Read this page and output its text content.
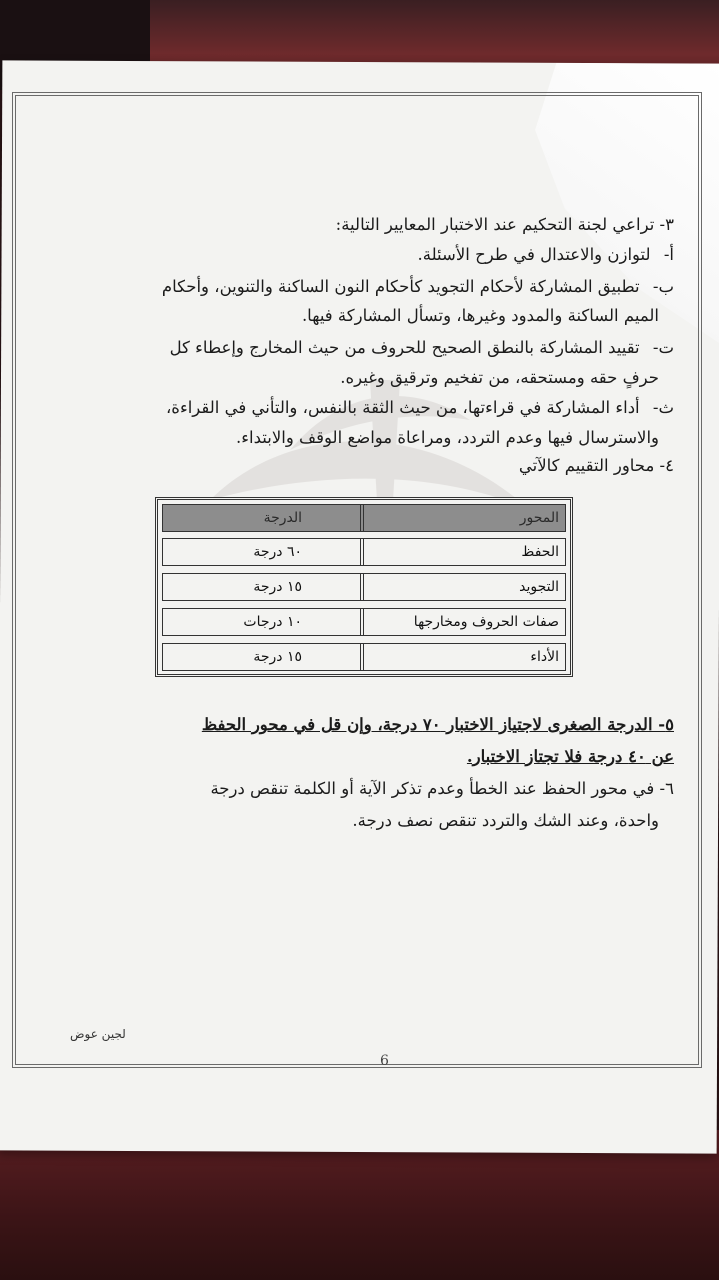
٣- تراعي لجنة التحكيم عند الاختبار المعايير التالية:
أ- لتوازن والاعتدال في طرح الأسئلة.
ب- تطبيق المشاركة لأحكام التجويد كأحكام النون الساكنة والتنوين، وأحكام
الميم الساكنة والمدود وغيرها، وتسأل المشاركة فيها.
ت- تقييد المشاركة بالنطق الصحيح للحروف من حيث المخارج وإعطاء كل
حرفٍ حقه ومستحقه، من تفخيم وترقيق وغيره.
ث- أداء المشاركة في قراءتها، من حيث الثقة بالنفس، والتأني في القراءة،
والاسترسال فيها وعدم التردد، ومراعاة مواضع الوقف والابتداء.
٤- محاور التقييم كالآتي
المحور
الدرجة
الحفظ
٦٠ درجة
التجويد
١٥ درجة
صفات الحروف ومخارجها
١٠ درجات
الأداء
١٥ درجة
٥- الدرجة الصغرى لاجتياز الاختبار ٧٠ درجة، وإن قل في محور الحفظ
عن ٤٠ درجة فلا تجتاز الاختبار.
٦- في محور الحفظ عند الخطأ وعدم تذكر الآية أو الكلمة تنقص درجة
واحدة، وعند الشك والتردد تنقص نصف درجة.
لجين عوض
6
